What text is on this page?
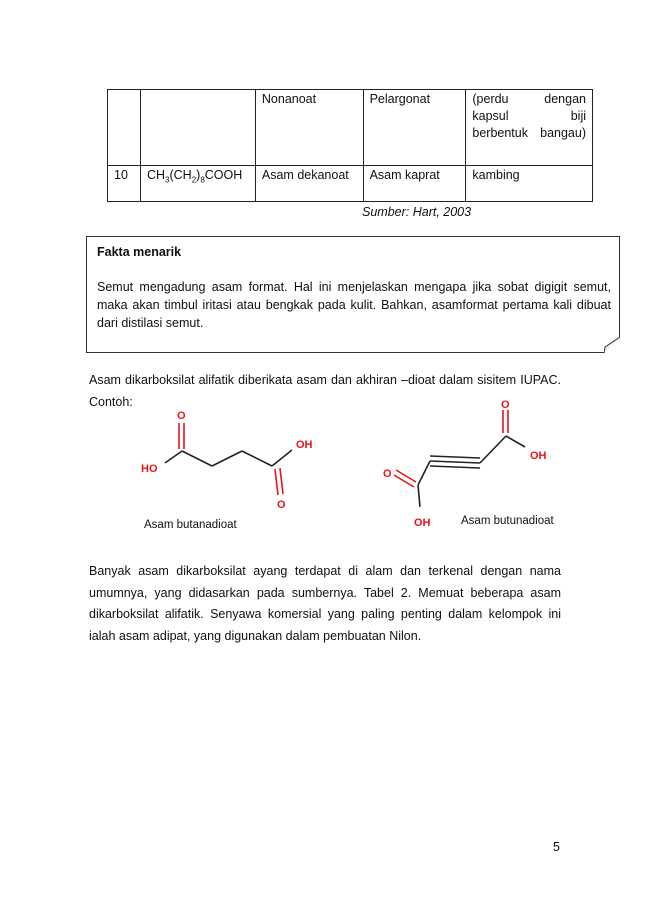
		Nonanoat	Pelargonat	(perdu dengan kapsul biji berbentuk bangau)
10	$CH_3(CH_2)_8COOH$	Asam dekanoat	Asam kaprat	kambing
Sumber: Hart, 2003
Fakta menarik
Semut mengadung asam format. Hal ini menjelaskan mengapa jika sobat digigit semut, maka akan timbul iritasi atau bengkak pada kulit. Bahkan, asamformat pertama kali dibuat dari distilasi semut.
Asam dikarboksilat alifatik diberikata asam dan akhiran –dioat dalam sisitem IUPAC. Contoh:
O
HO
OH
O
Asam butanadioat
O
OH
O
OH	Asam butunadioat
Banyak asam dikarboksilat ayang terdapat di alam dan terkenal dengan nama umumnya, yang didasarkan pada sumbernya. Tabel 2. Memuat beberapa asam dikarboksilat alifatik. Senyawa komersial yang paling penting dalam kelompok ini ialah asam adipat, yang digunakan dalam pembuatan Nilon.
5
